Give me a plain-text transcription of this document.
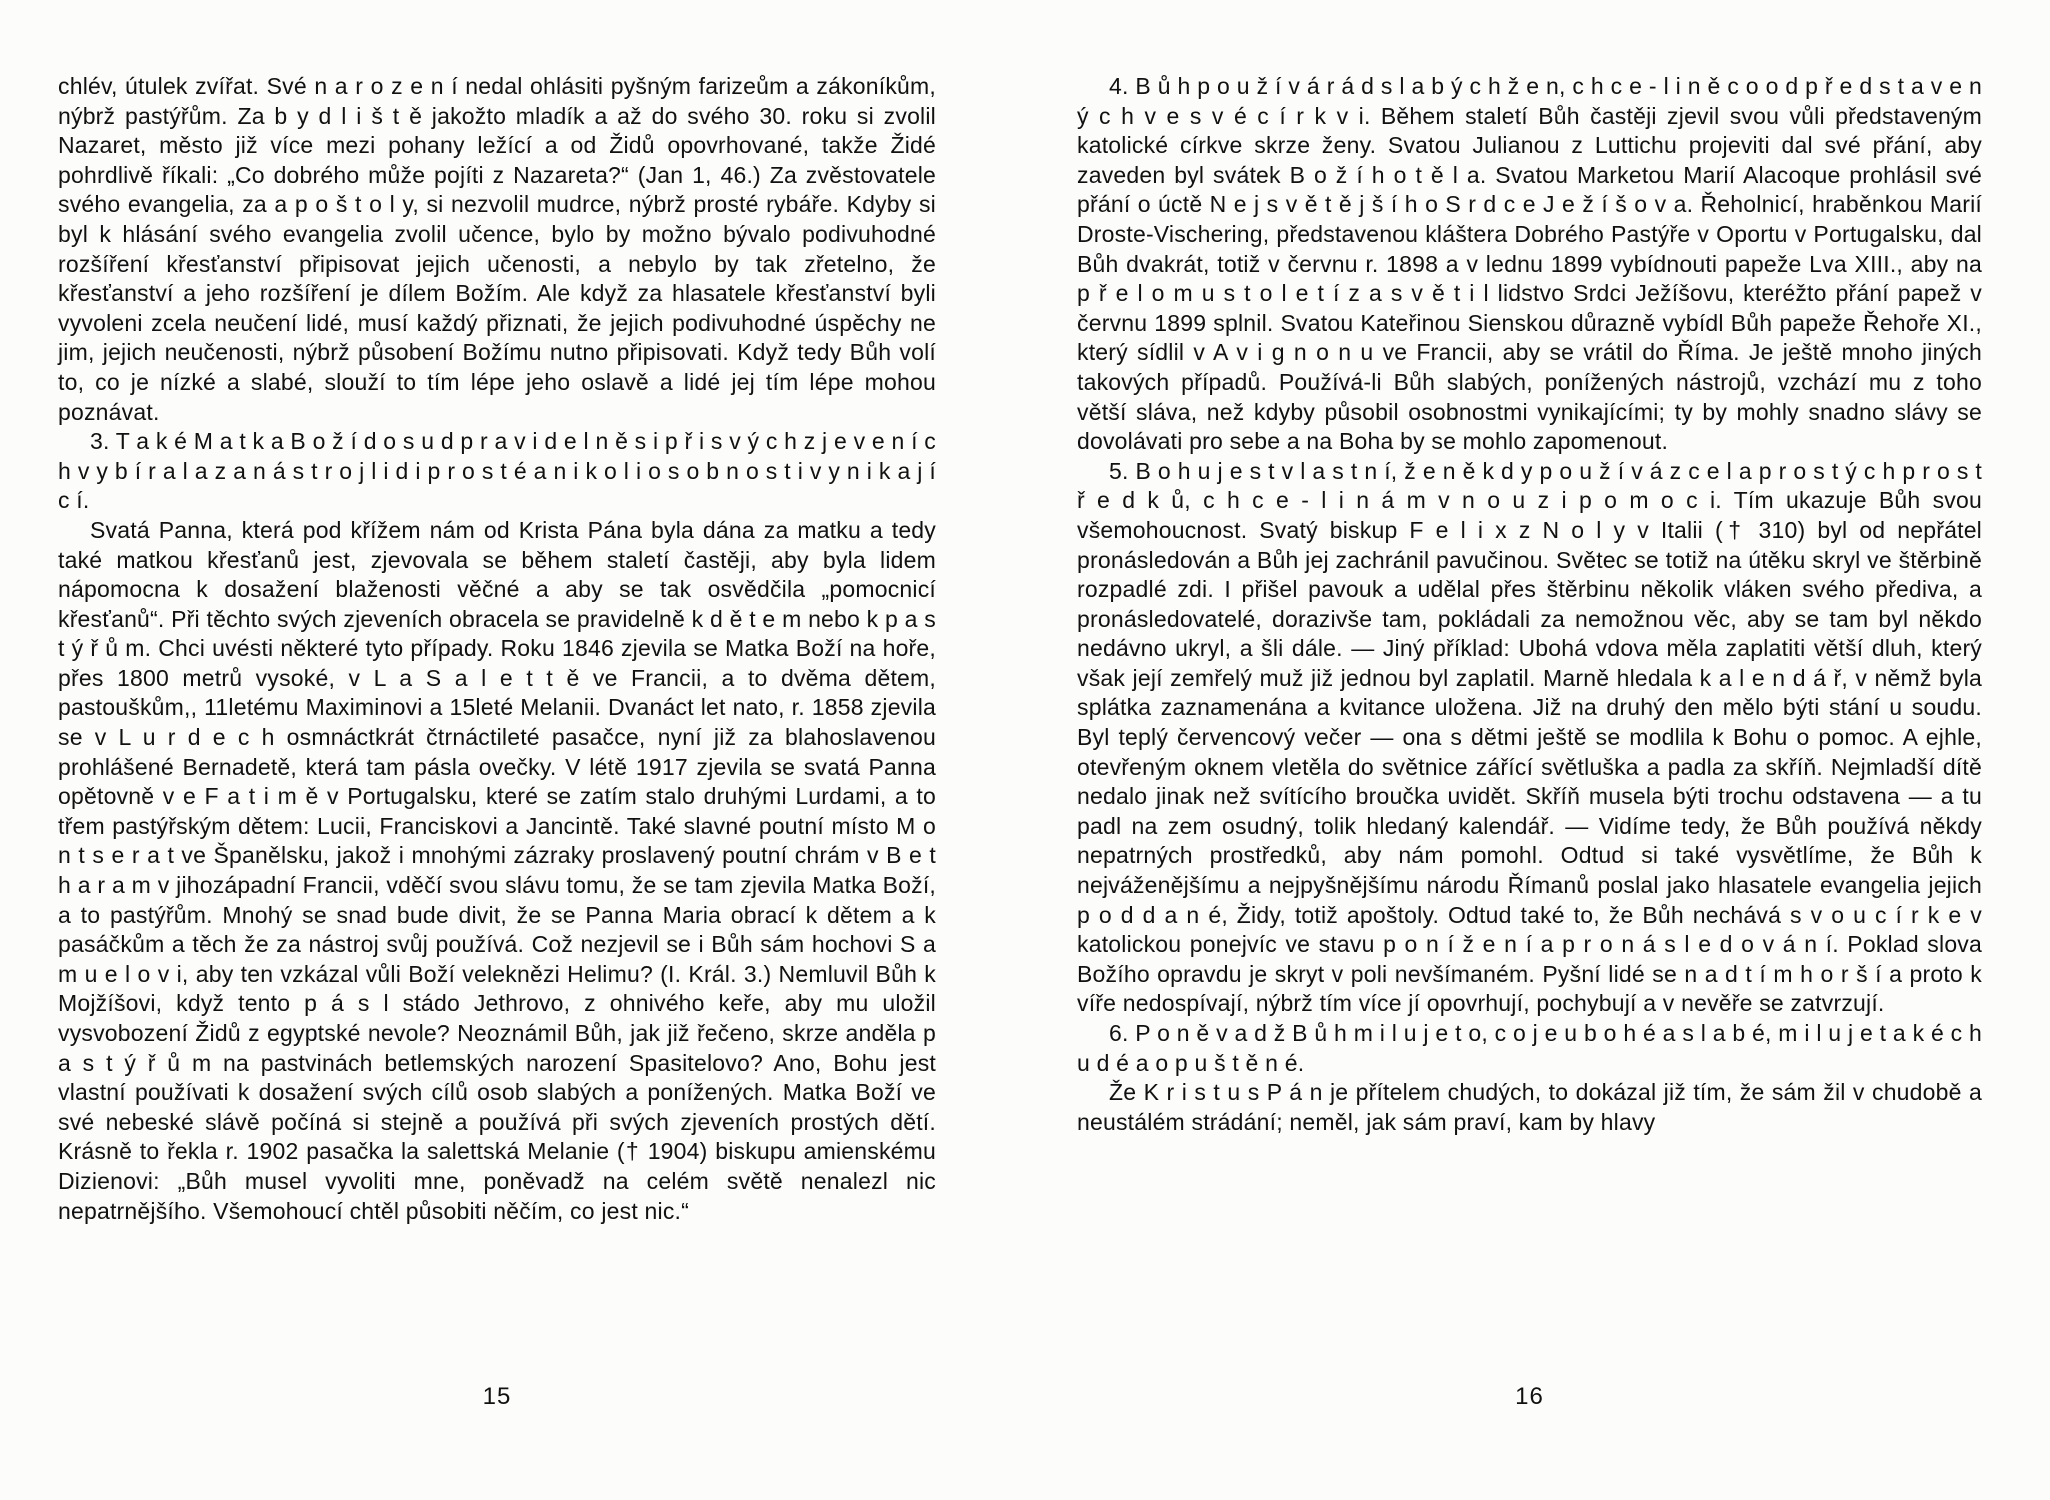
chlév, útulek zvířat. Své n a r o z e n í nedal ohlásiti pyšným farizeům a zákoníkům, nýbrž pastýřům. Za b y d l i š t ě jakožto mladík a až do svého 30. roku si zvolil Nazaret, město již více mezi pohany ležící a od Židů opovrhované, takže Židé pohrdlivě říkali: „Co dobrého může pojíti z Nazareta?“ (Jan 1, 46.) Za zvěstovatele svého evangelia, za a p o š t o l y, si nezvolil mudrce, nýbrž prosté rybáře. Kdyby si byl k hlásání svého evangelia zvolil učence, bylo by možno bývalo podivuhodné rozšíření křesťanství připisovat jejich učenosti, a nebylo by tak zřetelno, že křesťanství a jeho rozšíření je dílem Božím. Ale když za hlasatele křesťanství byli vyvoleni zcela neučení lidé, musí každý přiznati, že jejich podivuhodné úspěchy ne jim, jejich neučenosti, nýbrž působení Božímu nutno připisovati. Když tedy Bůh volí to, co je nízké a slabé, slouží to tím lépe jeho oslavě a lidé jej tím lépe mohou poznávat.

3. T a k é M a t k a B o ž í d o s u d p r a v i d e l n ě s i p ř i s v ý c h z j e v e n í c h v y b í r a l a z a n á s t r o j l i d i p r o s t é a n i k o l i o s o b n o s t i v y n i k a j í c í.

Svatá Panna, která pod křížem nám od Krista Pána byla dána za matku a tedy také matkou křesťanů jest, zjevovala se během staletí častěji, aby byla lidem nápomocna k dosažení blaženosti věčné a aby se tak osvědčila „pomocnicí křesťanů“. Při těchto svých zjeveních obracela se pravidelně k d ě t e m nebo k p a s t ý ř ů m. Chci uvésti některé tyto případy. Roku 1846 zjevila se Matka Boží na hoře, přes 1800 metrů vysoké, v L a S a l e t t ě ve Francii, a to dvěma dětem, pastouškům,, 11letému Maximinovi a 15leté Melanii. Dvanáct let nato, r. 1858 zjevila se v L u r d e c h osmnáctkrát čtrnáctileté pasačce, nyní již za blahoslavenou prohlášené Bernadetě, která tam pásla ovečky. V létě 1917 zjevila se svatá Panna opětovně v e F a t i m ě v Portugalsku, které se zatím stalo druhými Lurdami, a to třem pastýřským dětem: Lucii, Franciskovi a Jancintě. Také slavné poutní místo M o n t s e r a t ve Španělsku, jakož i mnohými zázraky proslavený poutní chrám v B e t h a r a m v jihozápadní Francii, vděčí svou slávu tomu, že se tam zjevila Matka Boží, a to pastýřům. Mnohý se snad bude divit, že se Panna Maria obrací k dětem a k pasáčkům a těch že za nástroj svůj používá. Což nezjevil se i Bůh sám hochovi S a m u e l o v i, aby ten vzkázal vůli Boží veleknězi Helimu? (I. Král. 3.) Nemluvil Bůh k Mojžíšovi, když tento p á s l stádo Jethrovo, z ohnivého keře, aby mu uložil vysvobození Židů z egyptské nevole? Neoznámil Bůh, jak již řečeno, skrze anděla p a s t ý ř ů m na pastvinách betlemských narození Spasitelovo? Ano, Bohu jest vlastní používati k dosažení svých cílů osob slabých a ponížených. Matka Boží ve své nebeské slávě počíná si stejně a používá při svých zjeveních prostých dětí. Krásně to řekla r. 1902 pasačka la salettská Melanie († 1904) biskupu amienskému Dizienovi: „Bůh musel vyvoliti mne, poněvadž na celém světě nenalezl nic nepatrnějšího. Všemohoucí chtěl působiti něčím, co jest nic.“

15

4. B ů h p o u ž í v á r á d s l a b ý c h ž e n, c h c e - l i n ě c o o d p ř e d s t a v e n ý c h v e s v é c í r k v i. Během staletí Bůh častěji zjevil svou vůli představeným katolické církve skrze ženy. Svatou Julianou z Luttichu projeviti dal své přání, aby zaveden byl svátek B o ž í h o t ě l a. Svatou Marketou Marií Alacoque prohlásil své přání o úctě N e j s v ě t ě j š í h o S r d c e J e ž í š o v a. Řeholnicí, hraběnkou Marií Droste-Vischering, představenou kláštera Dobrého Pastýře v Oportu v Portugalsku, dal Bůh dvakrát, totiž v červnu r. 1898 a v lednu 1899 vybídnouti papeže Lva XIII., aby na p ř e l o m u s t o l e t í z a s v ě t i l lidstvo Srdci Ježíšovu, kteréžto přání papež v červnu 1899 splnil. Svatou Kateřinou Sienskou důrazně vybídl Bůh papeže Řehoře XI., který sídlil v A v i g n o n u ve Francii, aby se vrátil do Říma. Je ještě mnoho jiných takových případů. Používá-li Bůh slabých, ponížených nástrojů, vzchází mu z toho větší sláva, než kdyby působil osobnostmi vynikajícími; ty by mohly snadno slávy se dovolávati pro sebe a na Boha by se mohlo zapomenout.

5. B o h u j e s t v l a s t n í, ž e n ě k d y p o u ž í v á z c e l a p r o s t ý c h p r o s t ř e d k ů, c h c e - l i n á m v n o u z i p o m o c i. Tím ukazuje Bůh svou všemohoucnost. Svatý biskup F e l i x z N o l y v Italii († 310) byl od nepřátel pronásledován a Bůh jej zachránil pavučinou. Světec se totiž na útěku skryl ve štěrbině rozpadlé zdi. I přišel pavouk a udělal přes štěrbinu několik vláken svého přediva, a pronásledovatelé, dorazivše tam, pokládali za nemožnou věc, aby se tam byl někdo nedávno ukryl, a šli dále. — Jiný příklad: Ubohá vdova měla zaplatiti větší dluh, který však její zemřelý muž již jednou byl zaplatil. Marně hledala k a l e n d á ř, v němž byla splátka zaznamenána a kvitance uložena. Již na druhý den mělo býti stání u soudu. Byl teplý červencový večer — ona s dětmi ještě se modlila k Bohu o pomoc. A ejhle, otevřeným oknem vletěla do světnice zářící světluška a padla za skříň. Nejmladší dítě nedalo jinak než svítícího broučka uvidět. Skříň musela býti trochu odstavena — a tu padl na zem osudný, tolik hledaný kalendář. — Vidíme tedy, že Bůh používá někdy nepatrných prostředků, aby nám pomohl. Odtud si také vysvětlíme, že Bůh k nejváženějšímu a nejpyšnějšímu národu Římanů poslal jako hlasatele evangelia jejich p o d d a n é, Židy, totiž apoštoly. Odtud také to, že Bůh nechává s v o u c í r k e v katolickou ponejvíc ve stavu p o n í ž e n í a p r o n á s l e d o v á n í. Poklad slova Božího opravdu je skryt v poli nevšímaném. Pyšní lidé se n a d t í m h o r š í a proto k víře nedospívají, nýbrž tím více jí opovrhují, pochybují a v nevěře se zatvrzují.

6. P o n ě v a d ž B ů h m i l u j e t o, c o j e u b o h é a s l a b é, m i l u j e t a k é c h u d é a o p u š t ě n é.

Že K r i s t u s P á n je přítelem chudých, to dokázal již tím, že sám žil v chudobě a neustálém strádání; neměl, jak sám praví, kam by hlavy

16
